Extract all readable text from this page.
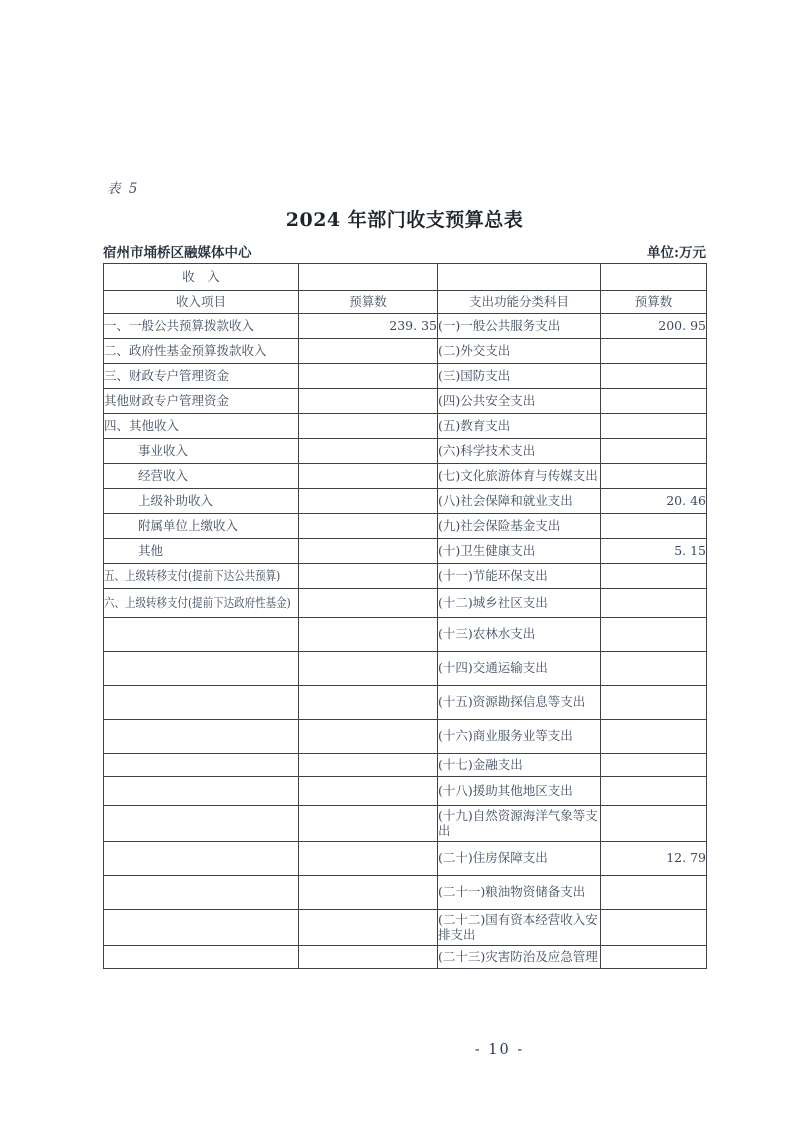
表 5
2024 年部门收支预算总表
宿州市埇桥区融媒体中心	单位:万元
收　入			
收入项目	预算数	支出功能分类科目	预算数
一、一般公共预算拨款收入	239. 35	(一)一般公共服务支出	200. 95
二、政府性基金预算拨款收入		(二)外交支出	
三、财政专户管理资金		(三)国防支出	
其他财政专户管理资金		(四)公共安全支出	
四、其他收入		(五)教育支出	
事业收入		(六)科学技术支出	
经营收入		(七)文化旅游体育与传媒支出	
上级补助收入		(八)社会保障和就业支出	20. 46
附属单位上缴收入		(九)社会保险基金支出	
其他		(十)卫生健康支出	5. 15
五、上级转移支付(提前下达公共预算)		(十一)节能环保支出	
六、上级转移支付(提前下达政府性基金)		(十二)城乡社区支出	
		(十三)农林水支出	
		(十四)交通运输支出	
		(十五)资源勘探信息等支出	
		(十六)商业服务业等支出	
		(十七)金融支出	
		(十八)援助其他地区支出	
		(十九)自然资源海洋气象等支出	
		(二十)住房保障支出	12. 79
		(二十一)粮油物资储备支出	
		(二十二)国有资本经营收入安排支出	
		(二十三)灾害防治及应急管理	
- 10 -
